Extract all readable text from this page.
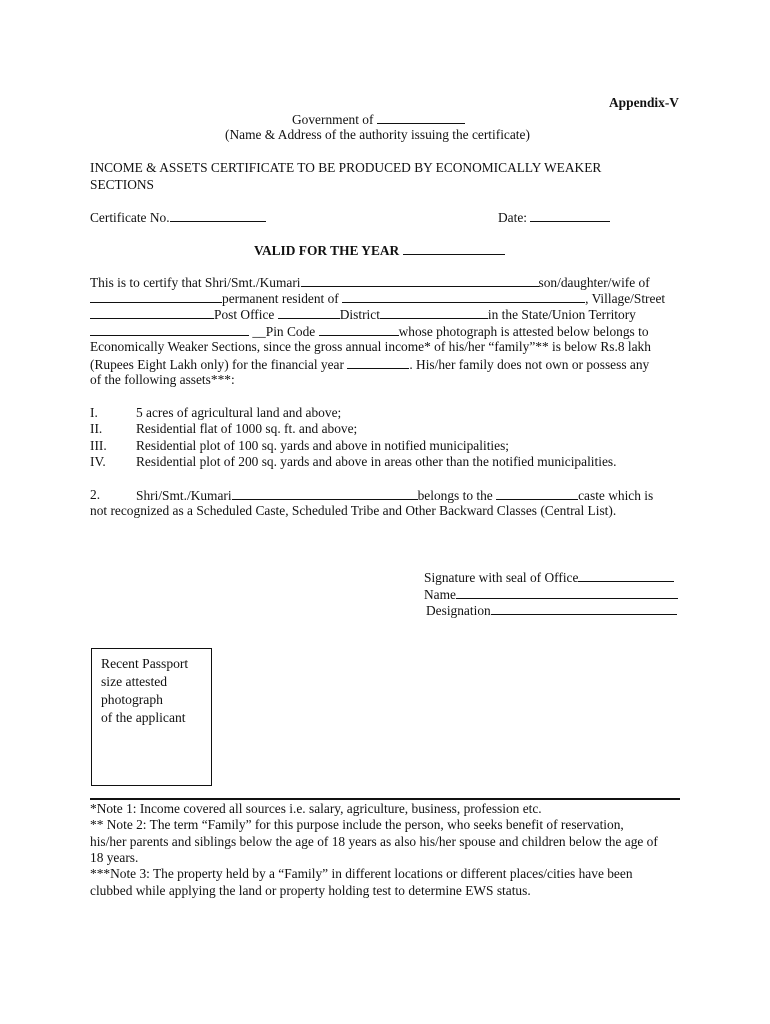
Appendix-V
Government of
(Name & Address of the authority issuing the certificate)
INCOME & ASSETS CERTIFICATE TO BE PRODUCED BY ECONOMICALLY WEAKER
SECTIONS
Certificate No.	Date:
VALID FOR THE YEAR
This is to certify that Shri/Smt./Kumari	son/daughter/wife of
permanent resident of	, Village/Street
Post Office	District	in the State/Union Territory
__Pin Code	whose photograph is attested below belongs to
Economically Weaker Sections, since the gross annual income* of his/her “family”** is below Rs.8 lakh
(Rupees Eight Lakh only) for the financial year	. His/her family does not own or possess any
of the following assets***:
I.	5 acres of agricultural land and above;
II.	Residential flat of 1000 sq. ft. and above;
III. Residential plot of 100 sq. yards and above in notified municipalities;
IV. Residential plot of 200 sq. yards and above in areas other than the notified municipalities.
2.	Shri/Smt./Kumari	belongs to the	caste which is
not recognized as a Scheduled Caste, Scheduled Tribe and Other Backward Classes (Central List).
Signature with seal of Office
Name
Designation
Recent Passport
size attested
photograph
of the applicant
*Note 1: Income covered all sources i.e. salary, agriculture, business, profession etc.
** Note 2: The term “Family” for this purpose include the person, who seeks benefit of reservation,
his/her parents and siblings below the age of 18 years as also his/her spouse and children below the age of
18 years.
***Note 3: The property held by a “Family” in different locations or different places/cities have been
clubbed while applying the land or property holding test to determine EWS status.
